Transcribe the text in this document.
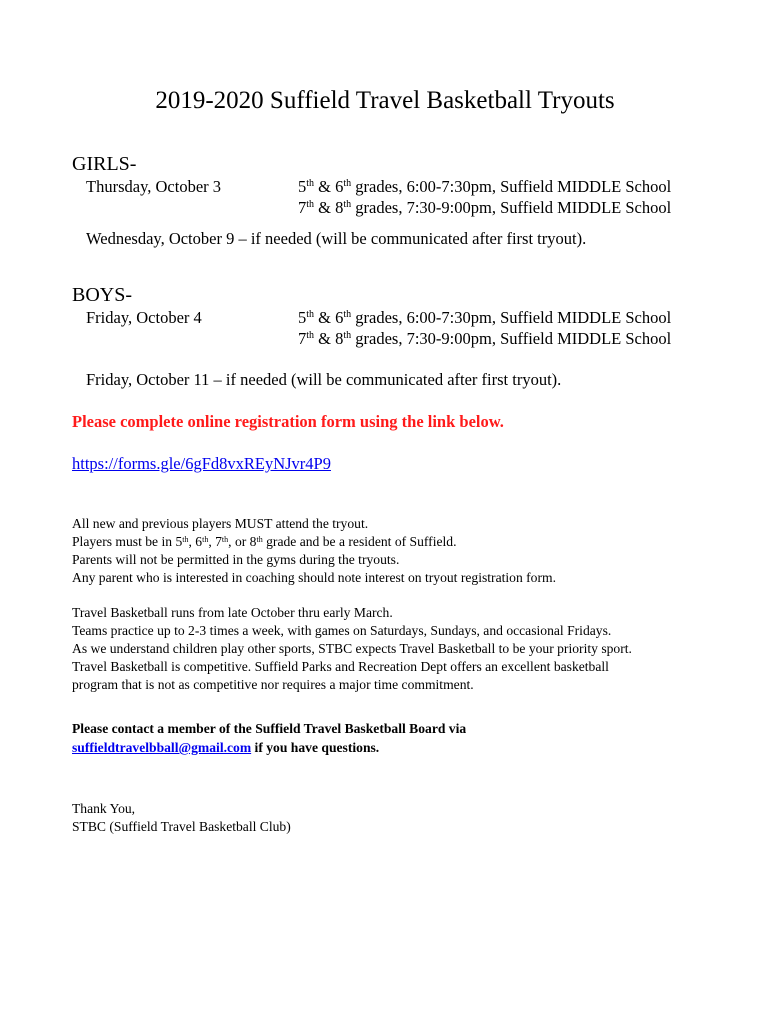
2019-2020 Suffield Travel Basketball Tryouts
GIRLS-
Thursday, October 3	5th & 6th grades, 6:00-7:30pm, Suffield MIDDLE School
7th & 8th grades, 7:30-9:00pm, Suffield MIDDLE School
Wednesday, October 9 – if needed (will be communicated after first tryout).
BOYS-
Friday, October 4	5th & 6th grades, 6:00-7:30pm, Suffield MIDDLE School
7th & 8th grades, 7:30-9:00pm, Suffield MIDDLE School
Friday, October 11 – if needed (will be communicated after first tryout).
Please complete online registration form using the link below.
https://forms.gle/6gFd8vxREyNJvr4P9
All new and previous players MUST attend the tryout.
Players must be in 5th, 6th, 7th, or 8th grade and be a resident of Suffield.
Parents will not be permitted in the gyms during the tryouts.
Any parent who is interested in coaching should note interest on tryout registration form.
Travel Basketball runs from late October thru early March.
Teams practice up to 2-3 times a week, with games on Saturdays, Sundays, and occasional Fridays.
As we understand children play other sports, STBC expects Travel Basketball to be your priority sport.
Travel Basketball is competitive. Suffield Parks and Recreation Dept offers an excellent basketball
program that is not as competitive nor requires a major time commitment.
Please contact a member of the Suffield Travel Basketball Board via
suffieldtravelbball@gmail.com if you have questions.
Thank You,
STBC (Suffield Travel Basketball Club)
